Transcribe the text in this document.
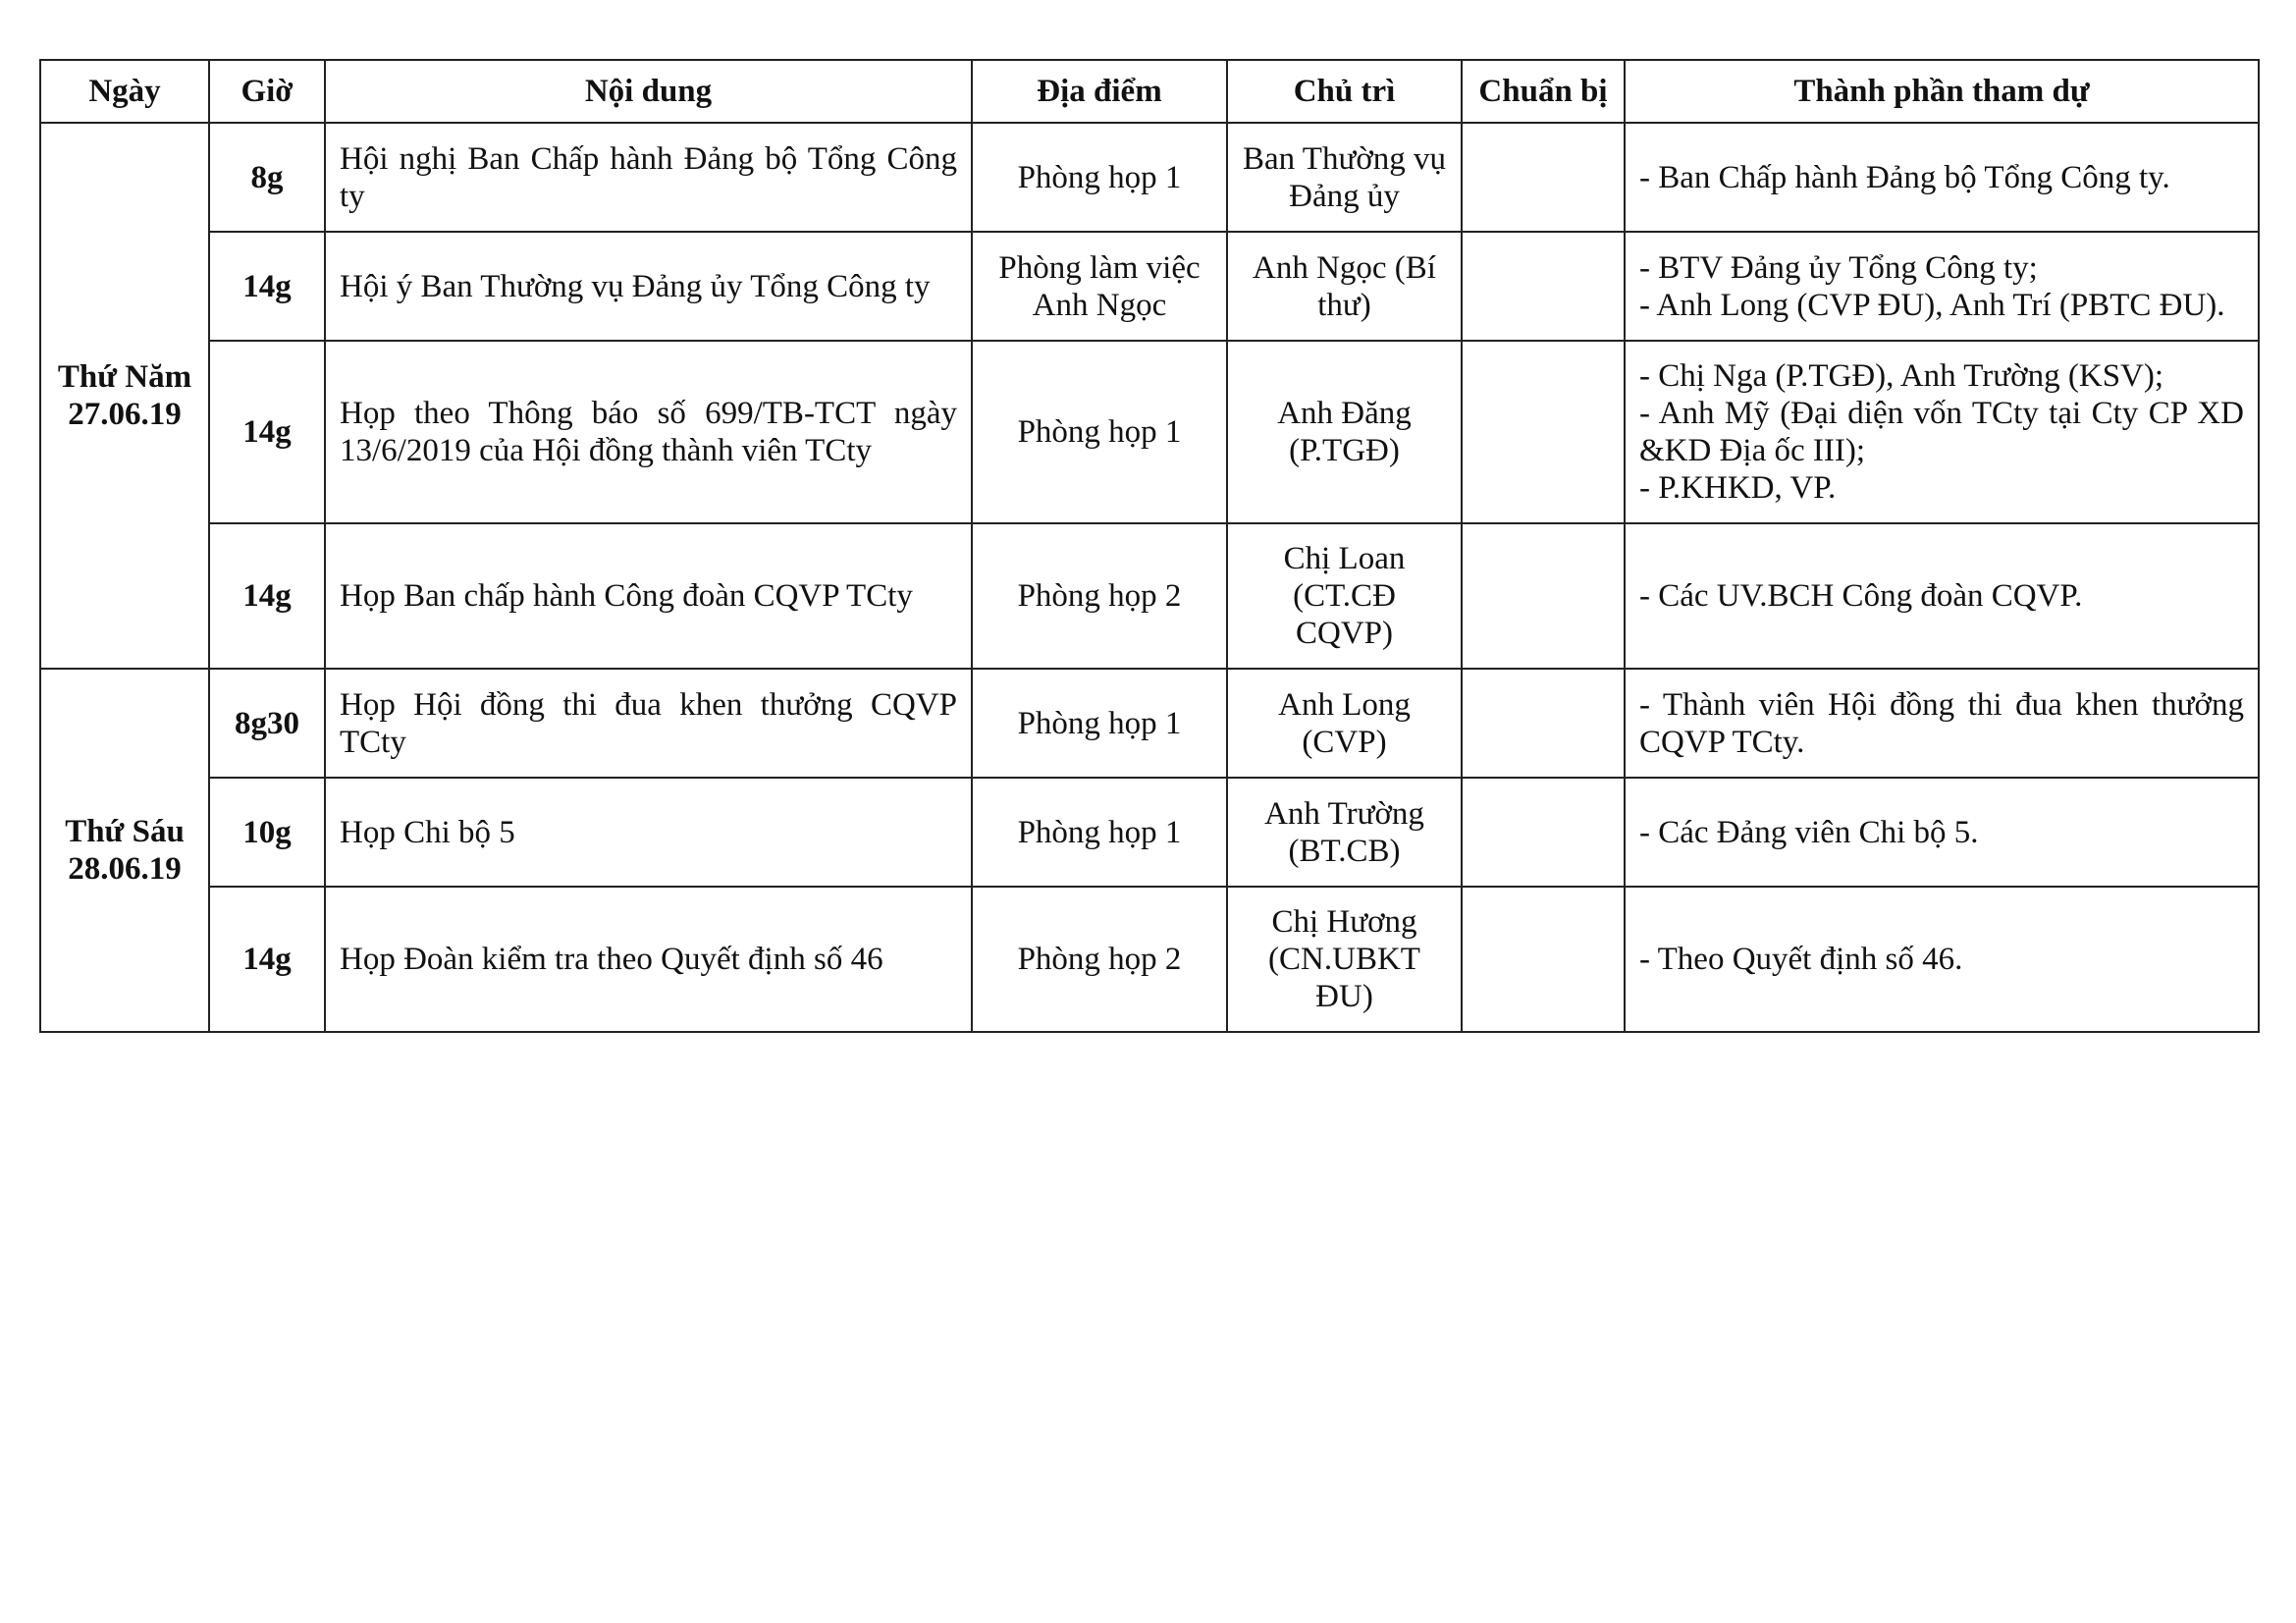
Ngày	Giờ	Nội dung	Địa điểm	Chủ trì	Chuẩn bị	Thành phần tham dự

Thứ Năm
27.06.19	8g	Hội nghị Ban Chấp hành Đảng bộ Tổng Công ty	Phòng họp 1	Ban Thường vụ Đảng ủy		- Ban Chấp hành Đảng bộ Tổng Công ty.

	14g	Hội ý Ban Thường vụ Đảng ủy Tổng Công ty	Phòng làm việc Anh Ngọc	Anh Ngọc (Bí thư)		- BTV Đảng ủy Tổng Công ty;
- Anh Long (CVP ĐU), Anh Trí (PBTC ĐU).

	14g	Họp theo Thông báo số 699/TB-TCT ngày 13/6/2019 của Hội đồng thành viên TCty	Phòng họp 1	Anh Đăng (P.TGĐ)		- Chị Nga (P.TGĐ), Anh Trường (KSV);
- Anh Mỹ (Đại diện vốn TCty tại Cty CP XD &KD Địa ốc III);
- P.KHKD, VP.

	14g	Họp Ban chấp hành Công đoàn CQVP TCty	Phòng họp 2	Chị Loan (CT.CĐ CQVP)		- Các UV.BCH Công đoàn CQVP.

Thứ Sáu
28.06.19	8g30	Họp Hội đồng thi đua khen thưởng CQVP TCty	Phòng họp 1	Anh Long (CVP)		- Thành viên Hội đồng thi đua khen thưởng CQVP TCty.

	10g	Họp Chi bộ 5	Phòng họp 1	Anh Trường (BT.CB)		- Các Đảng viên Chi bộ 5.

	14g	Họp Đoàn kiểm tra theo Quyết định số 46	Phòng họp 2	Chị Hương (CN.UBKT ĐU)		- Theo Quyết định số 46.
